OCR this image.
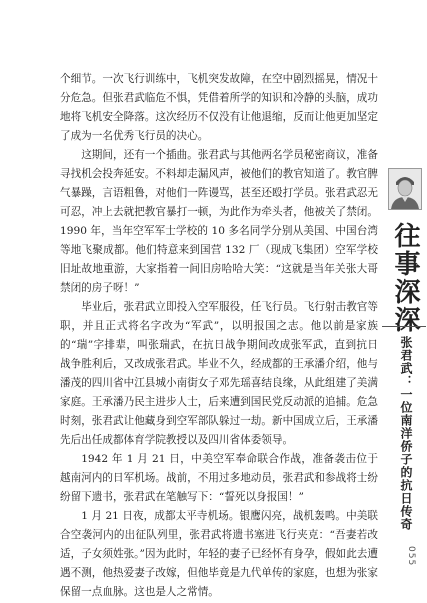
个细节。一次飞行训练中，飞机突发故障，在空中剧烈摇晃，情况十分危急。但张君武临危不惧，凭借着所学的知识和冷静的头脑，成功地将飞机安全降落。这次经历不仅没有让他退缩，反而让他更加坚定了成为一名优秀飞行员的决心。

这期间，还有一个插曲。张君武与其他两名学员秘密商议，准备寻找机会投奔延安。不料却走漏风声，被他们的教官知道了。教官脾气暴躁，言语粗鲁，对他们一阵谩骂，甚至还殴打学员。张君武忍无可忍，冲上去就把教官暴打一顿，为此作为牵头者，他被关了禁闭。1990 年，当年空军军士学校的 10 多名同学分别从美国、中国台湾等地飞聚成都。他们特意来到国营 132 厂（现成飞集团）空军学校旧址故地重游，大家指着一间旧房哈哈大笑：“这就是当年关张大哥禁闭的房子呀！”

毕业后，张君武立即投入空军服役，任飞行员。飞行射击教官等职，并且正式将名字改为“军武”，以明报国之志。他以前是家族的“瑞”字排辈，叫张瑞武，在抗日战争期间改成张军武，直到抗日战争胜利后，又改成张君武。毕业不久，经成都的王承潘介绍，他与潘茂的四川省中江县城小南街女子邓先瑶喜结良缘，从此组建了美满家庭。王承潘乃民主进步人士，后来遭到国民党反动派的追捕。危急时刻，张君武让他藏身到空军部队躲过一劫。新中国成立后，王承潘先后出任成都体育学院教授以及四川省体委领导。

1942 年 1 月 21 日，中美空军奉命联合作战，准备袭击位于越南河内的日军机场。战前，不用过多地动员，张君武和参战将士纷纷留下遗书，张君武在笔触写下：“誓死以身报国！”

1 月 21 日夜，成都太平寺机场。银鹰闪亮，战机轰鸣。中美联合空袭河内的出征队列里，张君武将遗书塞进飞行夹克：“吾妻若改适，子女须姓张。”因为此时，年轻的妻子已经怀有身孕，假如此去遭遇不测，他热爱妻子改嫁，但他毕竟是九代单传的家庭，也想为张家保留一点血脉。这也是人之常情。

往事深深
张君武：一位南洋侨子的抗日传奇
055
